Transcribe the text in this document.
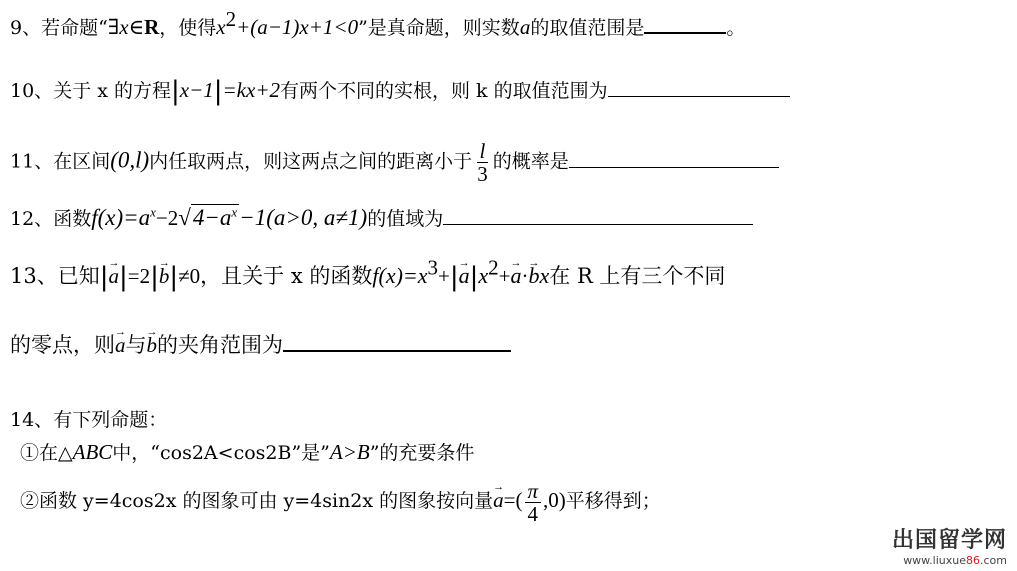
9、若命题“∃x∈R，使得$x^2+(a-1)x+1<0$”是真命题，则实数a的取值范围是	。
10、关于 x 的方程|x−1|=kx+2有两个不同的实根，则 k 的取值范围为
11、在区间(0,l)内任取两点，则这两点之间的距离小于 $\frac{l}{3}$ 的概率是
12、函数$f(x)=a^x-2√4-a^x-1(a>0$, a≠1)的值域为
13、已知|→ a|=2|→ b|≠0，且关于 x 的函数$f(x)=x^3+|\to a|x^2+\to a\cdot\to$ bx在 R 上有三个不同
的零点，则→ a与→ b的夹角范围为
14、有下列命题：
①在△ABC中，“cos2A<cos2B”是”A>B”的充要条件
②函数 y=4cos2x 的图象可由 y=4sin2x 的图象按向量→ $a=( \frac{\pi}{4} ,0)$平移得到；
出国留学网
www.liuxue86.com
